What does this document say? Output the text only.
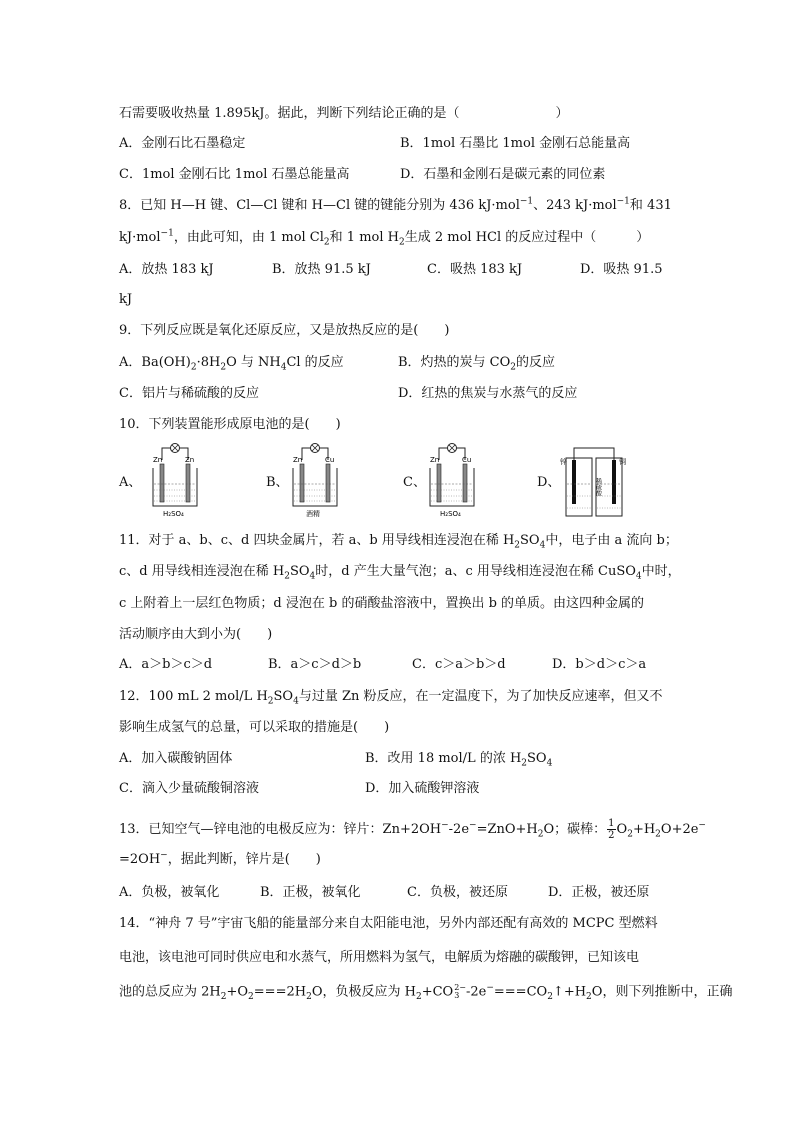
石需要吸收热量 1.895kJ。据此，判断下列结论正确的是（	）
A．金刚石比石墨稳定	B．1mol 石墨比 1mol 金刚石总能量高
C．1mol 金刚石比 1mol 石墨总能量高	D．石墨和金刚石是碳元素的同位素
8．已知 H—H 键、Cl—Cl 键和 H—Cl 键的键能分别为 436 kJ·mol$^{-1}$、243 kJ·mol$^{-1}$和 431
kJ·mol$^{-1}$，由此可知，由 1 mol $Cl_2$和 1 mol $H_2$生成 2 mol HCl 的反应过程中（	）
A．放热 183 kJ	B．放热 91.5 kJ	C．吸热 183 kJ	D．吸热 91.5
kJ
9．下列反应既是氧化还原反应，又是放热反应的是(　　)
A．$Ba(OH)_2\cdot 8H_2O$ 与 $NH_4Cl$ 的反应	B．灼热的炭与 $CO_2$的反应
C．铝片与稀硫酸的反应	D．红热的焦炭与水蒸气的反应
10．下列装置能形成原电池的是(　　)
A、	B、	C、	D、
Zn	Zn
H₂SO₄
Zn	Cu
酒精
Zn	Cu
H₂SO₄
锌	铜
稀硫酸
11．对于 a、b、c、d 四块金属片，若 a、b 用导线相连浸泡在稀 $H_2SO_4$中，电子由 a 流向 b；
c、d 用导线相连浸泡在稀 $H_2SO_4$时，d 产生大量气泡；a、c 用导线相连浸泡在稀 CuSO$_4$中时，
c 上附着上一层红色物质；d 浸泡在 b 的硝酸盐溶液中，置换出 b 的单质。由这四种金属的
活动顺序由大到小为(　　)
A．a＞b＞c＞d	B．a＞c＞d＞b	C．c＞a＞b＞d	D．b＞d＞c＞a
12．100 mL 2 mol/L $H_2SO_4$与过量 Zn 粉反应，在一定温度下，为了加快反应速率，但又不
影响生成氢气的总量，可以采取的措施是(　　)
A．加入碳酸钠固体	B．改用 18 mol/L 的浓 $H_2SO_4$
C．滴入少量硫酸铜溶液	D．加入硫酸钾溶液
13．已知空气—锌电池的电极反应为：锌片：$Zn+2OH^--2e^-=ZnO+H_2O$；碳棒： $\frac{1}{2} O_2+H_2O+2e^-$
=2OH−，据此判断，锌片是(　　)
A．负极，被氧化	B．正极，被氧化	C．负极，被还原	D．正极，被还原
14．“神舟 7 号”宇宙飞船的能量部分来自太阳能电池，另外内部还配有高效的 MCPC 型燃料
电池，该电池可同时供应电和水蒸气，所用燃料为氢气，电解质为熔融的碳酸钾，已知该电
池的总反应为 $2H_2+O_2===2H_2O$，负极反应为 $H_2+CO$ 2−
3 $-2e^-===CO_2↑+H_2O$，则下列推断中，正确
